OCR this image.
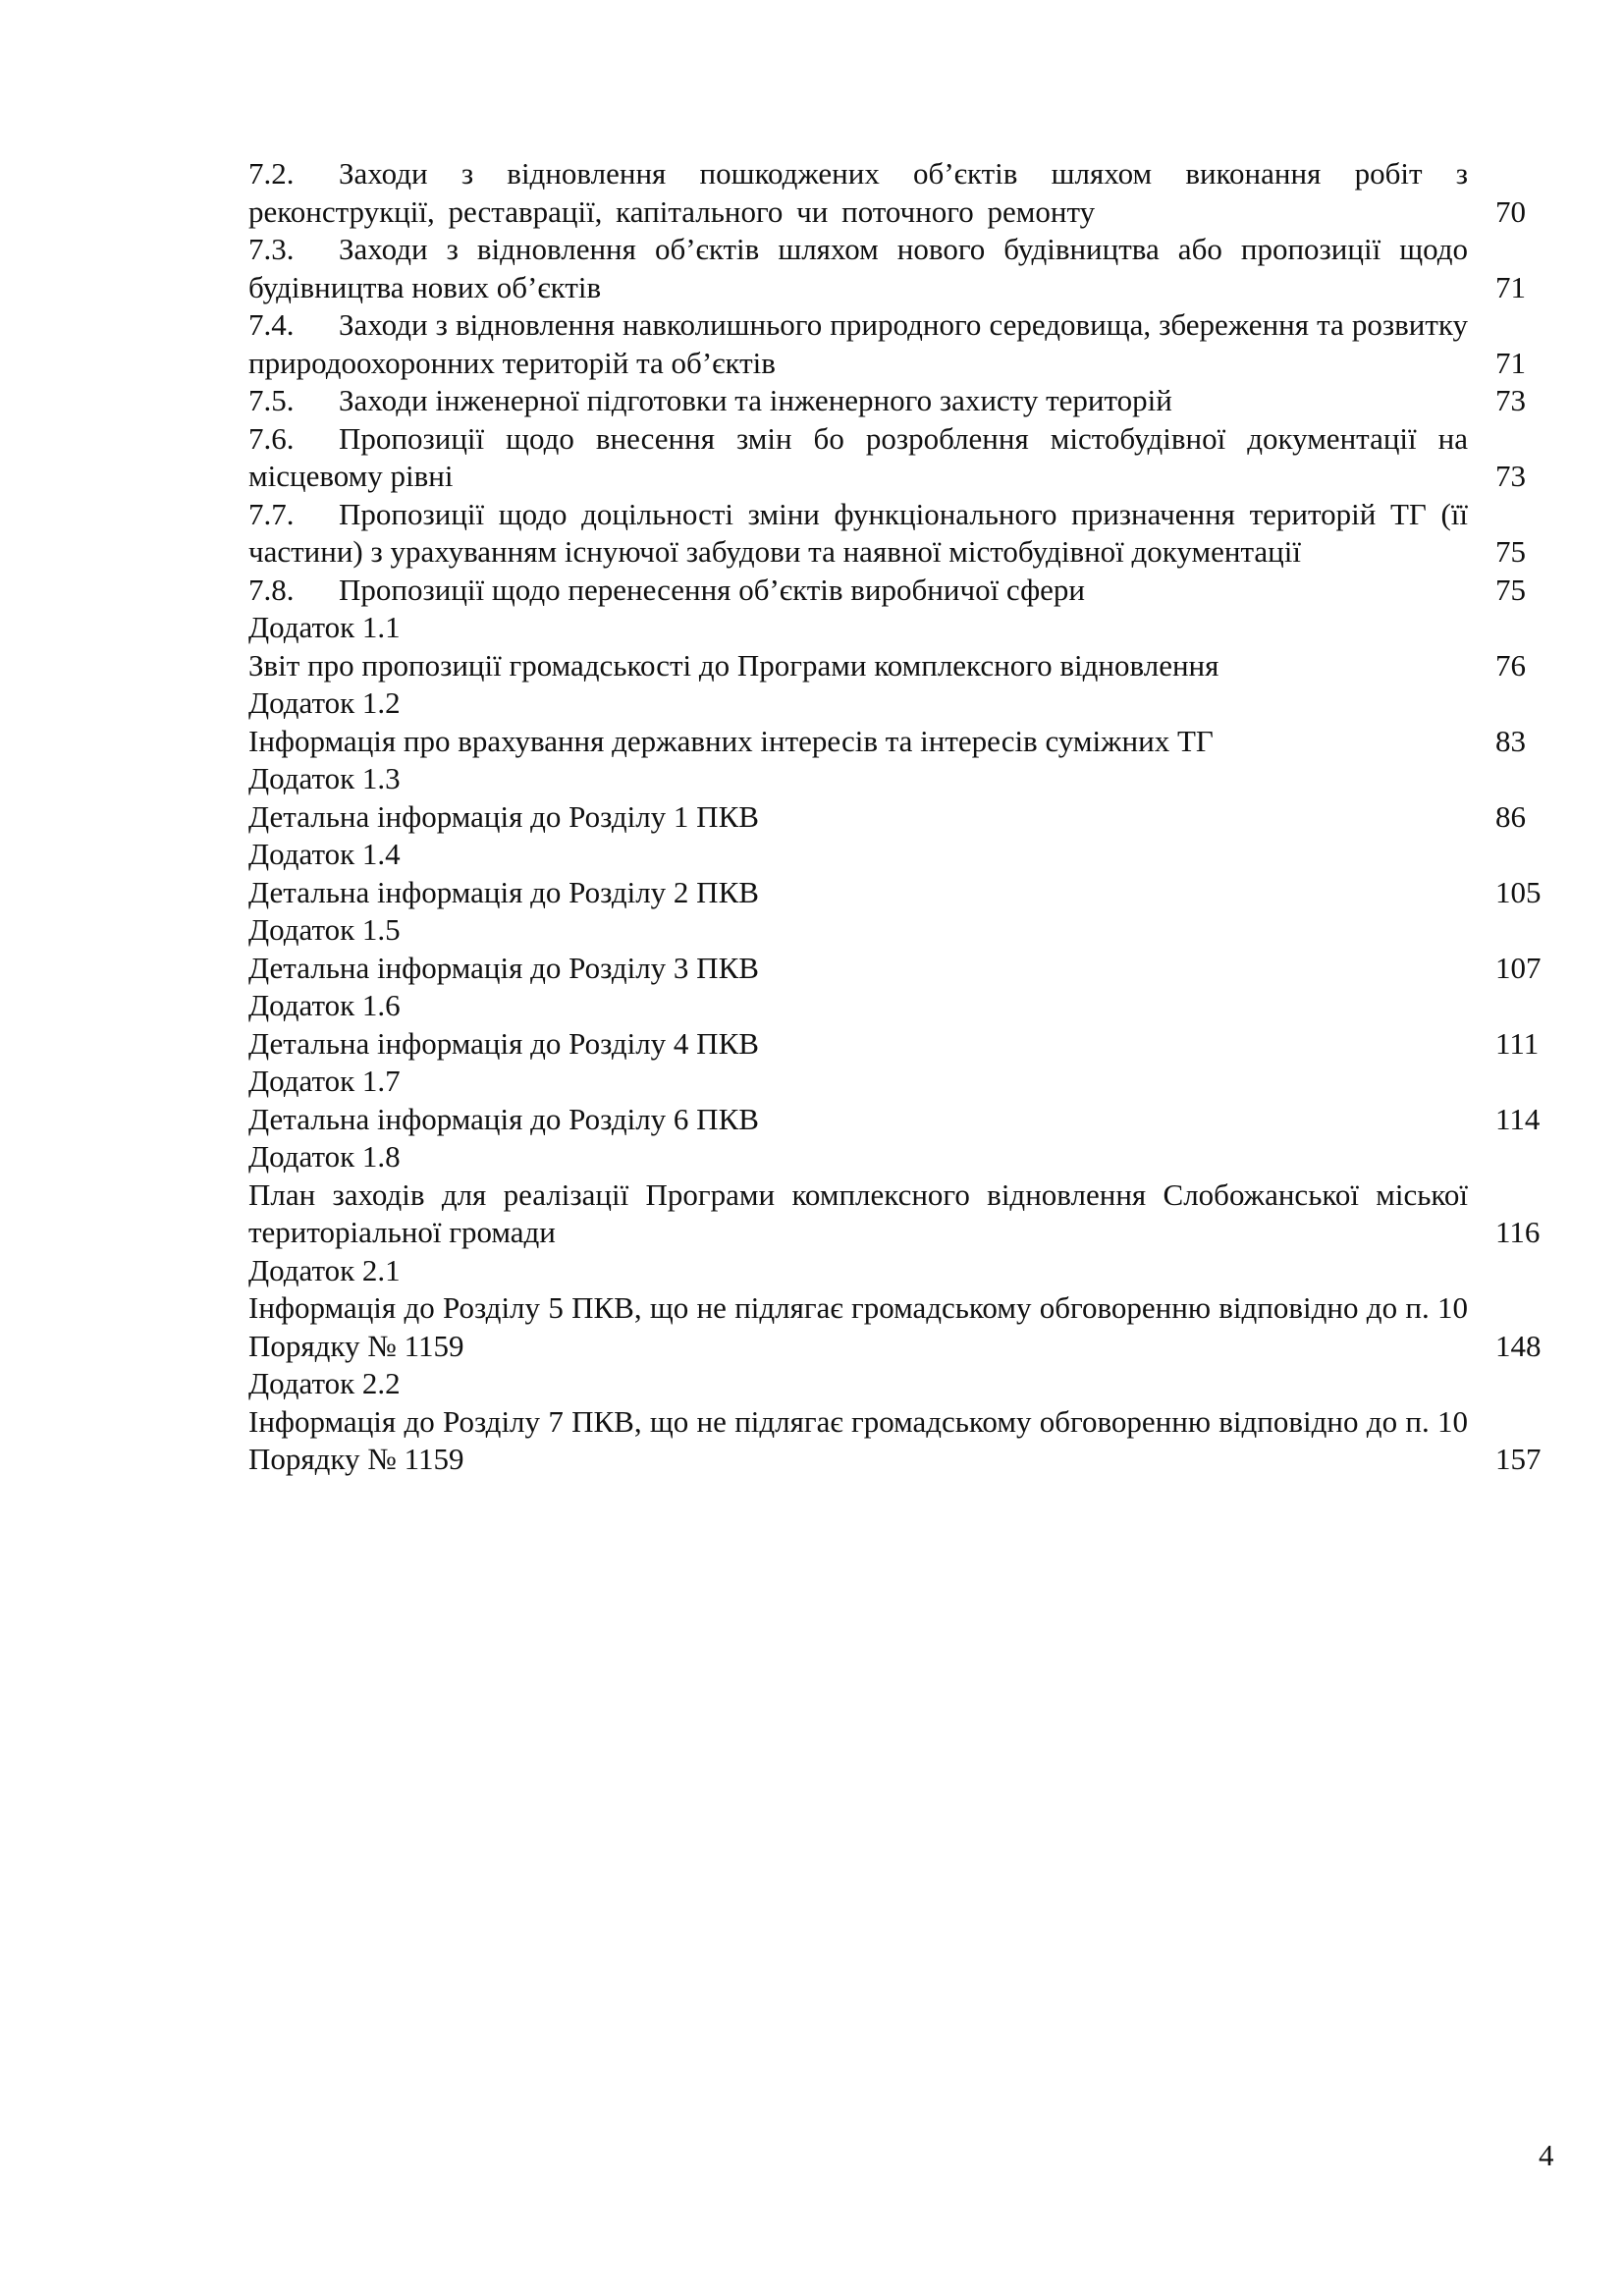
7.2. Заходи з відновлення пошкоджених об’єктів шляхом виконання робіт з реконструкції, реставрації, капітального чи поточного ремонту	70
7.3. Заходи з відновлення об’єктів шляхом нового будівництва або пропозиції щодо будівництва нових об’єктів	71
7.4. Заходи з відновлення навколишнього природного середовища, збереження та розвитку природоохоронних територій та об’єктів	71
7.5. Заходи інженерної підготовки та інженерного захисту територій	73
7.6. Пропозиції щодо внесення змін бо розроблення містобудівної документації на місцевому рівні	73
7.7. Пропозиції щодо доцільності зміни функціонального призначення територій ТГ (її частини) з урахуванням існуючої забудови та наявної містобудівної документації	75
7.8. Пропозиції щодо перенесення об’єктів виробничої сфери	75
Додаток 1.1
Звіт про пропозиції громадськості до Програми комплексного відновлення	76
Додаток 1.2
Інформація про врахування державних інтересів та інтересів суміжних ТГ	83
Додаток 1.3
Детальна інформація до Розділу 1 ПКВ	86
Додаток 1.4
Детальна інформація до Розділу 2 ПКВ	105
Додаток 1.5
Детальна інформація до Розділу 3 ПКВ	107
Додаток 1.6
Детальна інформація до Розділу 4 ПКВ	111
Додаток 1.7
Детальна інформація до Розділу 6 ПКВ	114
Додаток 1.8
План заходів для реалізації Програми комплексного відновлення Слобожанської міської територіальної громади	116
Додаток 2.1
Інформація до Розділу 5 ПКВ, що не підлягає громадському обговоренню відповідно до п. 10 Порядку № 1159	148
Додаток 2.2
Інформація до Розділу 7 ПКВ, що не підлягає громадському обговоренню відповідно до п. 10 Порядку № 1159	157
4
